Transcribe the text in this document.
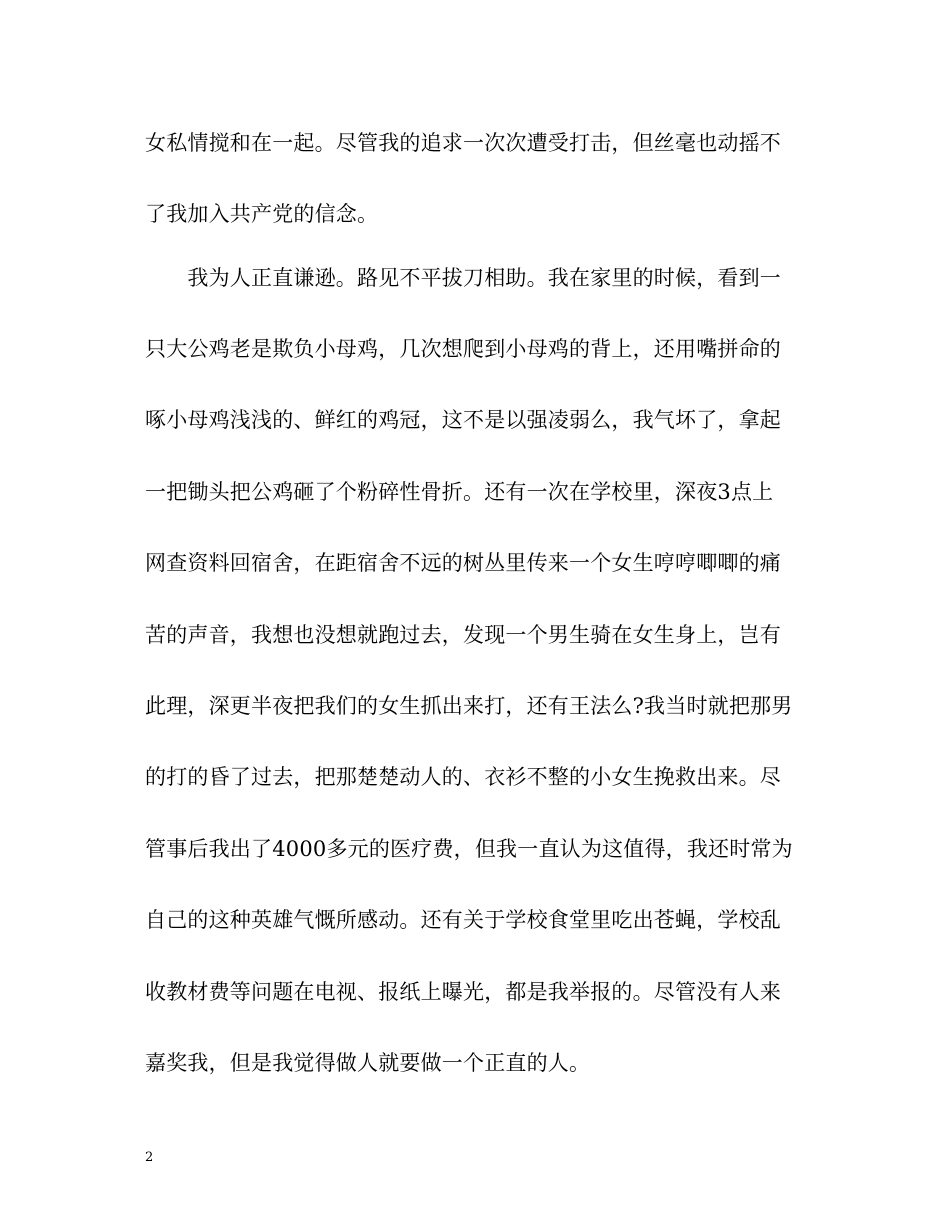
女私情搅和在一起。尽管我的追求一次次遭受打击，但丝毫也动摇不
了我加入共产党的信念。
　　我为人正直谦逊。路见不平拔刀相助。我在家里的时候，看到一
只大公鸡老是欺负小母鸡，几次想爬到小母鸡的背上，还用嘴拼命的
啄小母鸡浅浅的、鲜红的鸡冠，这不是以强凌弱么，我气坏了，拿起
一把锄头把公鸡砸了个粉碎性骨折。还有一次在学校里，深夜3点上
网查资料回宿舍，在距宿舍不远的树丛里传来一个女生哼哼唧唧的痛
苦的声音，我想也没想就跑过去，发现一个男生骑在女生身上，岂有
此理，深更半夜把我们的女生抓出来打，还有王法么?我当时就把那男
的打的昏了过去，把那楚楚动人的、衣衫不整的小女生挽救出来。尽
管事后我出了4000多元的医疗费，但我一直认为这值得，我还时常为
自己的这种英雄气慨所感动。还有关于学校食堂里吃出苍蝇，学校乱
收教材费等问题在电视、报纸上曝光，都是我举报的。尽管没有人来
嘉奖我，但是我觉得做人就要做一个正直的人。
2
